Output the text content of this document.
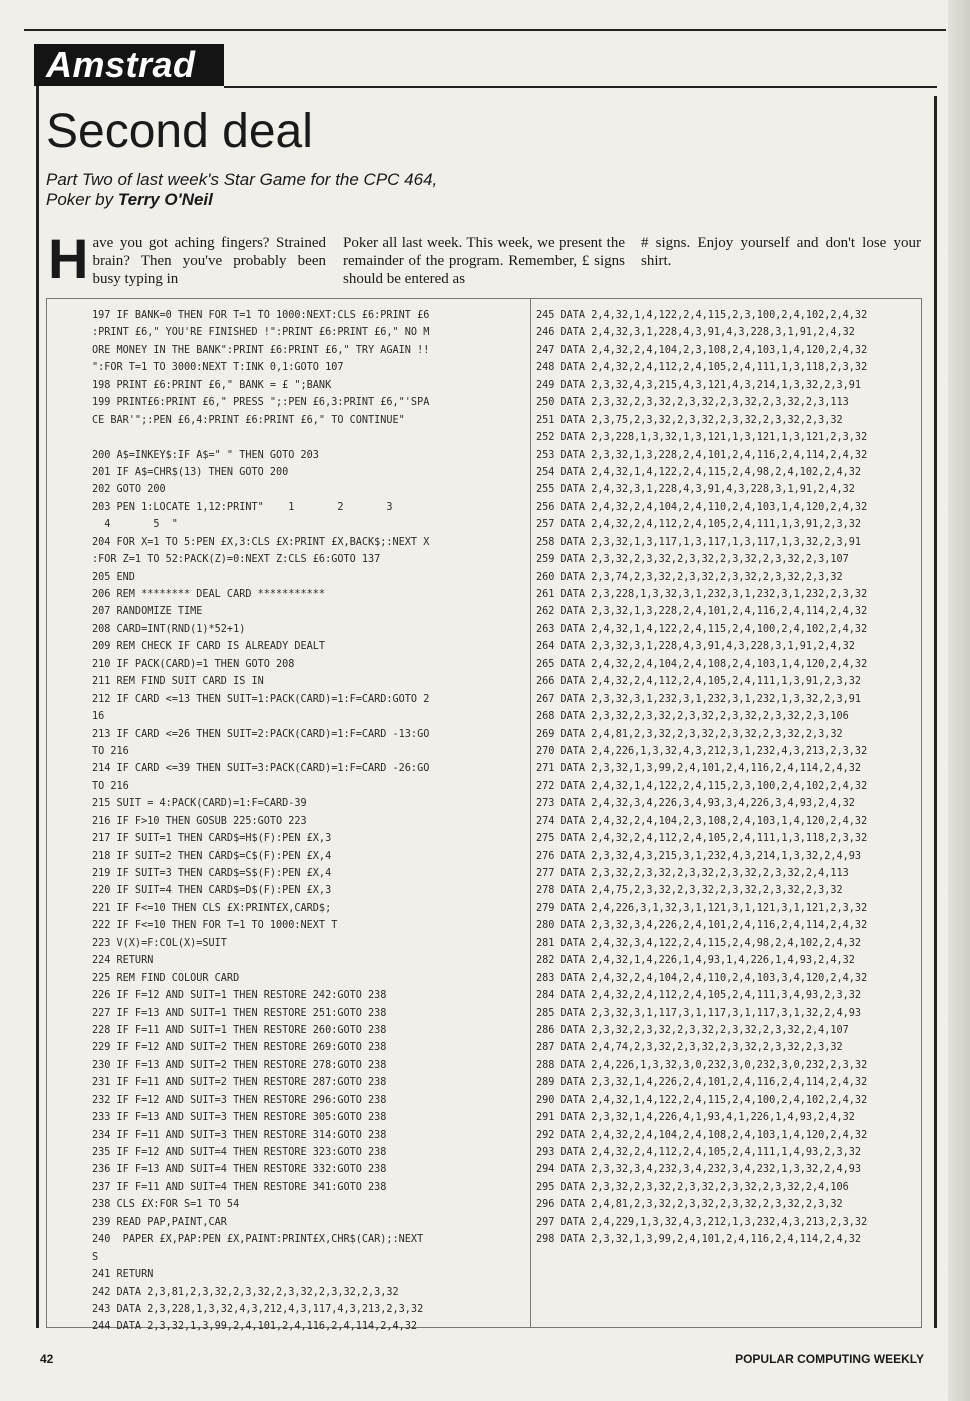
Amstrad
Second deal
Part Two of last week's Star Game for the CPC 464,
Poker by Terry O'Neil
Have you got aching fingers? Strained brain? Then you've probably been busy typing in
Poker all last week. This week, we present the remainder of the program. Remember, £ signs should be entered as
# signs. Enjoy yourself and don't lose your shirt.
197 IF BANK=0 THEN FOR T=1 TO 1000:NEXT:CLS £6:PRINT £6
:PRINT £6," YOU'RE FINISHED !":PRINT £6:PRINT £6," NO M
ORE MONEY IN THE BANK":PRINT £6:PRINT £6," TRY AGAIN !!
":FOR T=1 TO 3000:NEXT T:INK 0,1:GOTO 107
198 PRINT £6:PRINT £6," BANK = £ ";BANK
199 PRINT£6:PRINT £6," PRESS ";:PEN £6,3:PRINT £6,"'SPA
CE BAR'";:PEN £6,4:PRINT £6:PRINT £6," TO CONTINUE"
200 A$=INKEY$:IF A$=" " THEN GOTO 203
201 IF A$=CHR$(13) THEN GOTO 200
202 GOTO 200
203 PEN 1:LOCATE 1,12:PRINT"    1       2       3
4       5  "
204 FOR X=1 TO 5:PEN £X,3:CLS £X:PRINT £X,BACK$;:NEXT X
:FOR Z=1 TO 52:PACK(Z)=0:NEXT Z:CLS £6:GOTO 137
205 END
206 REM ******** DEAL CARD ***********
207 RANDOMIZE TIME
208 CARD=INT(RND(1)*52+1)
209 REM CHECK IF CARD IS ALREADY DEALT
210 IF PACK(CARD)=1 THEN GOTO 208
211 REM FIND SUIT CARD IS IN
212 IF CARD <=13 THEN SUIT=1:PACK(CARD)=1:F=CARD:GOTO 2
16
213 IF CARD <=26 THEN SUIT=2:PACK(CARD)=1:F=CARD -13:GO
TO 216
214 IF CARD <=39 THEN SUIT=3:PACK(CARD)=1:F=CARD -26:GO
TO 216
215 SUIT = 4:PACK(CARD)=1:F=CARD-39
216 IF F>10 THEN GOSUB 225:GOTO 223
217 IF SUIT=1 THEN CARD$=H$(F):PEN £X,3
218 IF SUIT=2 THEN CARD$=C$(F):PEN £X,4
219 IF SUIT=3 THEN CARD$=S$(F):PEN £X,4
220 IF SUIT=4 THEN CARD$=D$(F):PEN £X,3
221 IF F<=10 THEN CLS £X:PRINT£X,CARD$;
222 IF F<=10 THEN FOR T=1 TO 1000:NEXT T
223 V(X)=F:COL(X)=SUIT
224 RETURN
225 REM FIND COLOUR CARD
226 IF F=12 AND SUIT=1 THEN RESTORE 242:GOTO 238
227 IF F=13 AND SUIT=1 THEN RESTORE 251:GOTO 238
228 IF F=11 AND SUIT=1 THEN RESTORE 260:GOTO 238
229 IF F=12 AND SUIT=2 THEN RESTORE 269:GOTO 238
230 IF F=13 AND SUIT=2 THEN RESTORE 278:GOTO 238
231 IF F=11 AND SUIT=2 THEN RESTORE 287:GOTO 238
232 IF F=12 AND SUIT=3 THEN RESTORE 296:GOTO 238
233 IF F=13 AND SUIT=3 THEN RESTORE 305:GOTO 238
234 IF F=11 AND SUIT=3 THEN RESTORE 314:GOTO 238
235 IF F=12 AND SUIT=4 THEN RESTORE 323:GOTO 238
236 IF F=13 AND SUIT=4 THEN RESTORE 332:GOTO 238
237 IF F=11 AND SUIT=4 THEN RESTORE 341:GOTO 238
238 CLS £X:FOR S=1 TO 54
239 READ PAP,PAINT,CAR
240  PAPER £X,PAP:PEN £X,PAINT:PRINT£X,CHR$(CAR);:NEXT
S
241 RETURN
242 DATA 2,3,81,2,3,32,2,3,32,2,3,32,2,3,32,2,3,32
243 DATA 2,3,228,1,3,32,4,3,212,4,3,117,4,3,213,2,3,32
244 DATA 2,3,32,1,3,99,2,4,101,2,4,116,2,4,114,2,4,32
245 DATA 2,4,32,1,4,122,2,4,115,2,3,100,2,4,102,2,4,32
246 DATA 2,4,32,3,1,228,4,3,91,4,3,228,3,1,91,2,4,32
247 DATA 2,4,32,2,4,104,2,3,108,2,4,103,1,4,120,2,4,32
248 DATA 2,4,32,2,4,112,2,4,105,2,4,111,1,3,118,2,3,32
249 DATA 2,3,32,4,3,215,4,3,121,4,3,214,1,3,32,2,3,91
250 DATA 2,3,32,2,3,32,2,3,32,2,3,32,2,3,32,2,3,113
251 DATA 2,3,75,2,3,32,2,3,32,2,3,32,2,3,32,2,3,32
252 DATA 2,3,228,1,3,32,1,3,121,1,3,121,1,3,121,2,3,32
253 DATA 2,3,32,1,3,228,2,4,101,2,4,116,2,4,114,2,4,32
254 DATA 2,4,32,1,4,122,2,4,115,2,4,98,2,4,102,2,4,32
255 DATA 2,4,32,3,1,228,4,3,91,4,3,228,3,1,91,2,4,32
256 DATA 2,4,32,2,4,104,2,4,110,2,4,103,1,4,120,2,4,32
257 DATA 2,4,32,2,4,112,2,4,105,2,4,111,1,3,91,2,3,32
258 DATA 2,3,32,1,3,117,1,3,117,1,3,117,1,3,32,2,3,91
259 DATA 2,3,32,2,3,32,2,3,32,2,3,32,2,3,32,2,3,107
260 DATA 2,3,74,2,3,32,2,3,32,2,3,32,2,3,32,2,3,32
261 DATA 2,3,228,1,3,32,3,1,232,3,1,232,3,1,232,2,3,32
262 DATA 2,3,32,1,3,228,2,4,101,2,4,116,2,4,114,2,4,32
263 DATA 2,4,32,1,4,122,2,4,115,2,4,100,2,4,102,2,4,32
264 DATA 2,3,32,3,1,228,4,3,91,4,3,228,3,1,91,2,4,32
265 DATA 2,4,32,2,4,104,2,4,108,2,4,103,1,4,120,2,4,32
266 DATA 2,4,32,2,4,112,2,4,105,2,4,111,1,3,91,2,3,32
267 DATA 2,3,32,3,1,232,3,1,232,3,1,232,1,3,32,2,3,91
268 DATA 2,3,32,2,3,32,2,3,32,2,3,32,2,3,32,2,3,106
269 DATA 2,4,81,2,3,32,2,3,32,2,3,32,2,3,32,2,3,32
270 DATA 2,4,226,1,3,32,4,3,212,3,1,232,4,3,213,2,3,32
271 DATA 2,3,32,1,3,99,2,4,101,2,4,116,2,4,114,2,4,32
272 DATA 2,4,32,1,4,122,2,4,115,2,3,100,2,4,102,2,4,32
273 DATA 2,4,32,3,4,226,3,4,93,3,4,226,3,4,93,2,4,32
274 DATA 2,4,32,2,4,104,2,3,108,2,4,103,1,4,120,2,4,32
275 DATA 2,4,32,2,4,112,2,4,105,2,4,111,1,3,118,2,3,32
276 DATA 2,3,32,4,3,215,3,1,232,4,3,214,1,3,32,2,4,93
277 DATA 2,3,32,2,3,32,2,3,32,2,3,32,2,3,32,2,4,113
278 DATA 2,4,75,2,3,32,2,3,32,2,3,32,2,3,32,2,3,32
279 DATA 2,4,226,3,1,32,3,1,121,3,1,121,3,1,121,2,3,32
280 DATA 2,3,32,3,4,226,2,4,101,2,4,116,2,4,114,2,4,32
281 DATA 2,4,32,3,4,122,2,4,115,2,4,98,2,4,102,2,4,32
282 DATA 2,4,32,1,4,226,1,4,93,1,4,226,1,4,93,2,4,32
283 DATA 2,4,32,2,4,104,2,4,110,2,4,103,3,4,120,2,4,32
284 DATA 2,4,32,2,4,112,2,4,105,2,4,111,3,4,93,2,3,32
285 DATA 2,3,32,3,1,117,3,1,117,3,1,117,3,1,32,2,4,93
286 DATA 2,3,32,2,3,32,2,3,32,2,3,32,2,3,32,2,4,107
287 DATA 2,4,74,2,3,32,2,3,32,2,3,32,2,3,32,2,3,32
288 DATA 2,4,226,1,3,32,3,0,232,3,0,232,3,0,232,2,3,32
289 DATA 2,3,32,1,4,226,2,4,101,2,4,116,2,4,114,2,4,32
290 DATA 2,4,32,1,4,122,2,4,115,2,4,100,2,4,102,2,4,32
291 DATA 2,3,32,1,4,226,4,1,93,4,1,226,1,4,93,2,4,32
292 DATA 2,4,32,2,4,104,2,4,108,2,4,103,1,4,120,2,4,32
293 DATA 2,4,32,2,4,112,2,4,105,2,4,111,1,4,93,2,3,32
294 DATA 2,3,32,3,4,232,3,4,232,3,4,232,1,3,32,2,4,93
295 DATA 2,3,32,2,3,32,2,3,32,2,3,32,2,3,32,2,4,106
296 DATA 2,4,81,2,3,32,2,3,32,2,3,32,2,3,32,2,3,32
297 DATA 2,4,229,1,3,32,4,3,212,1,3,232,4,3,213,2,3,32
298 DATA 2,3,32,1,3,99,2,4,101,2,4,116,2,4,114,2,4,32
42	POPULAR COMPUTING WEEKLY
